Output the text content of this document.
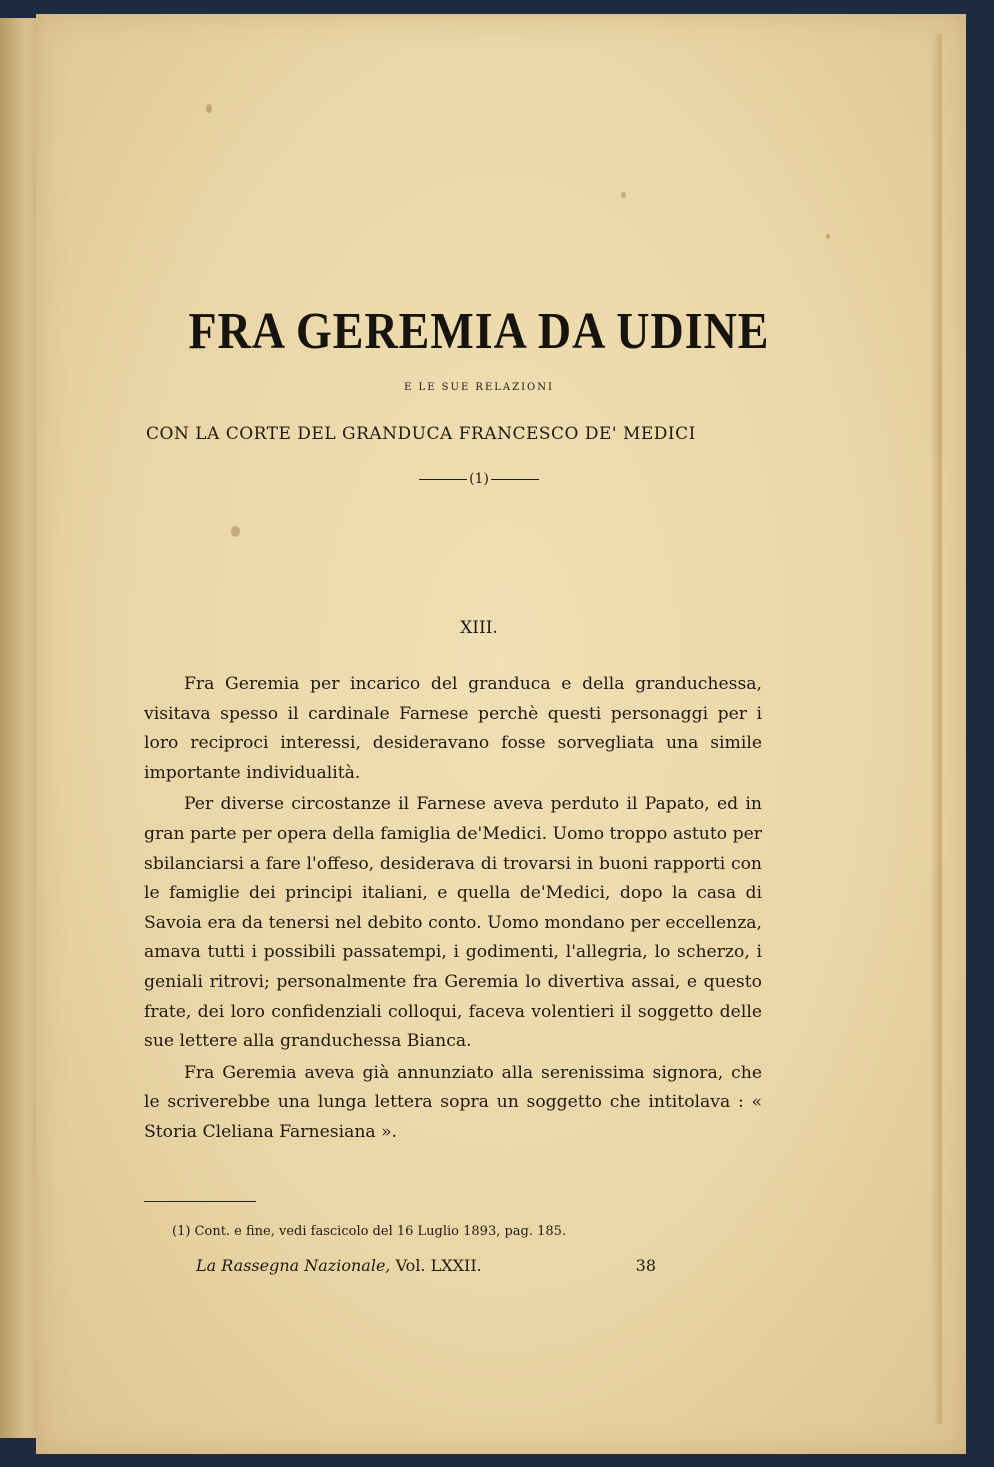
FRA GEREMIA DA UDINE
E LE SUE RELAZIONI
CON LA CORTE DEL GRANDUCA FRANCESCO DE' MEDICI
(1)
XIII.

Fra Geremia per incarico del granduca e della granduchessa, visitava spesso il cardinale Farnese perchè questi personaggi per i loro reciproci interessi, desideravano fosse sorvegliata una simile importante individualità.

Per diverse circostanze il Farnese aveva perduto il Papato, ed in gran parte per opera della famiglia de'Medici. Uomo troppo astuto per sbilanciarsi a fare l'offeso, desiderava di trovarsi in buoni rapporti con le famiglie dei principi italiani, e quella de'Medici, dopo la casa di Savoia era da tenersi nel debito conto. Uomo mondano per eccellenza, amava tutti i possibili passatempi, i godimenti, l'allegria, lo scherzo, i geniali ritrovi; personalmente fra Geremia lo divertiva assai, e questo frate, dei loro confidenziali colloqui, faceva volentieri il soggetto delle sue lettere alla granduchessa Bianca.

Fra Geremia aveva già annunziato alla serenissima signora, che le scriverebbe una lunga lettera sopra un soggetto che intitolava : « Storia Cleliana Farnesiana ».

(1) Cont. e fine, vedi fascicolo del 16 Luglio 1893, pag. 185.
La Rassegna Nazionale, Vol. LXXII.	38
